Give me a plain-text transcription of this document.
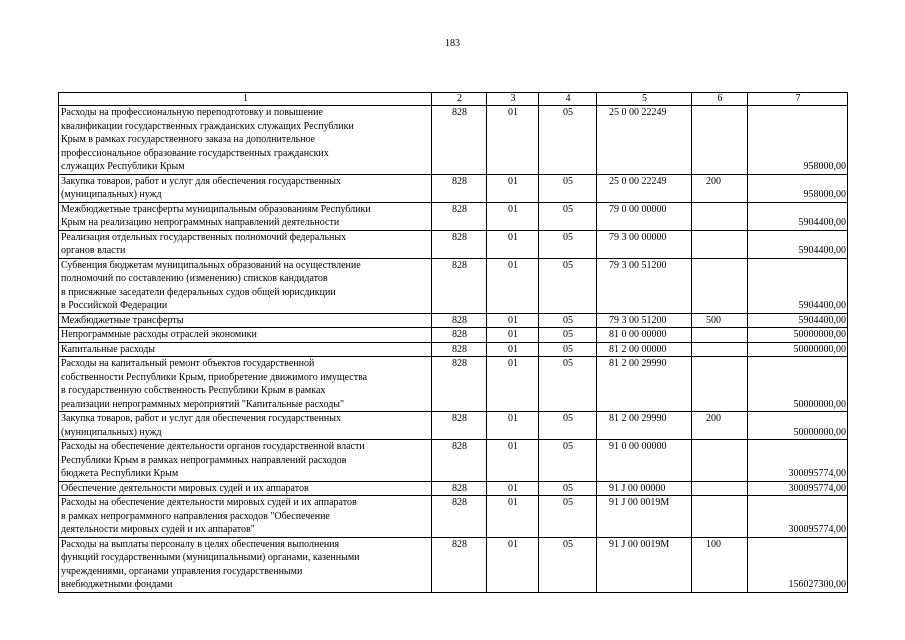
183
1	2	3	4	5	6	7

Расходы на профессиональную переподготовку и повышение
квалификации государственных гражданских служащих Республики
Крым в рамках государственного заказа на дополнительное
профессиональное образование государственных гражданских
служащих Республики Крым	828	01	05	25 0 00 22249		958000,00

Закупка товаров, работ и услуг для обеспечения государственных
(муниципальных) нужд	828	01	05	25 0 00 22249	200	958000,00

Межбюджетные трансферты муниципальным образованиям Республики
Крым на реализацию непрограммных направлений деятельности	828	01	05	79 0 00 00000		5904400,00

Реализация отдельных государственных полномочий федеральных
органов власти	828	01	05	79 3 00 00000		5904400,00

Субвенция бюджетам муниципальных образований на осуществление
полномочий по составлению (изменению) списков кандидатов
в присяжные заседатели федеральных судов общей юрисдикции
в Российской Федерации	828	01	05	79 3 00 51200		5904400,00

Межбюджетные трансферты	828	01	05	79 3 00 51200	500	5904400,00

Непрограммные расходы отраслей экономики	828	01	05	81 0 00 00000		50000000,00

Капитальные расходы	828	01	05	81 2 00 00000		50000000,00

Расходы на капитальный ремонт объектов государственной
собственности Республики Крым, приобретение движимого имущества
в государственную собственность Республики Крым в рамках
реализации непрограммных мероприятий "Капитальные расходы"	828	01	05	81 2 00 29990		50000000,00

Закупка товаров, работ и услуг для обеспечения государственных
(муниципальных) нужд	828	01	05	81 2 00 29990	200	50000000,00

Расходы на обеспечение деятельности органов государственной власти
Республики Крым в рамках непрограммных направлений расходов
бюджета Республики Крым	828	01	05	91 0 00 00000		300095774,00

Обеспечение деятельности мировых судей и их аппаратов	828	01	05	91 J 00 00000		300095774,00

Расходы на обеспечение деятельности мировых судей и их аппаратов
в рамках непрограммного направления расходов "Обеспечение
деятельности мировых судей и их аппаратов"	828	01	05	91 J 00 0019M		300095774,00

Расходы на выплаты персоналу в целях обеспечения выполнения
функций государственными (муниципальными) органами, казенными
учреждениями, органами управления государственными
внебюджетными фондами	828	01	05	91 J 00 0019M	100	156027300,00
